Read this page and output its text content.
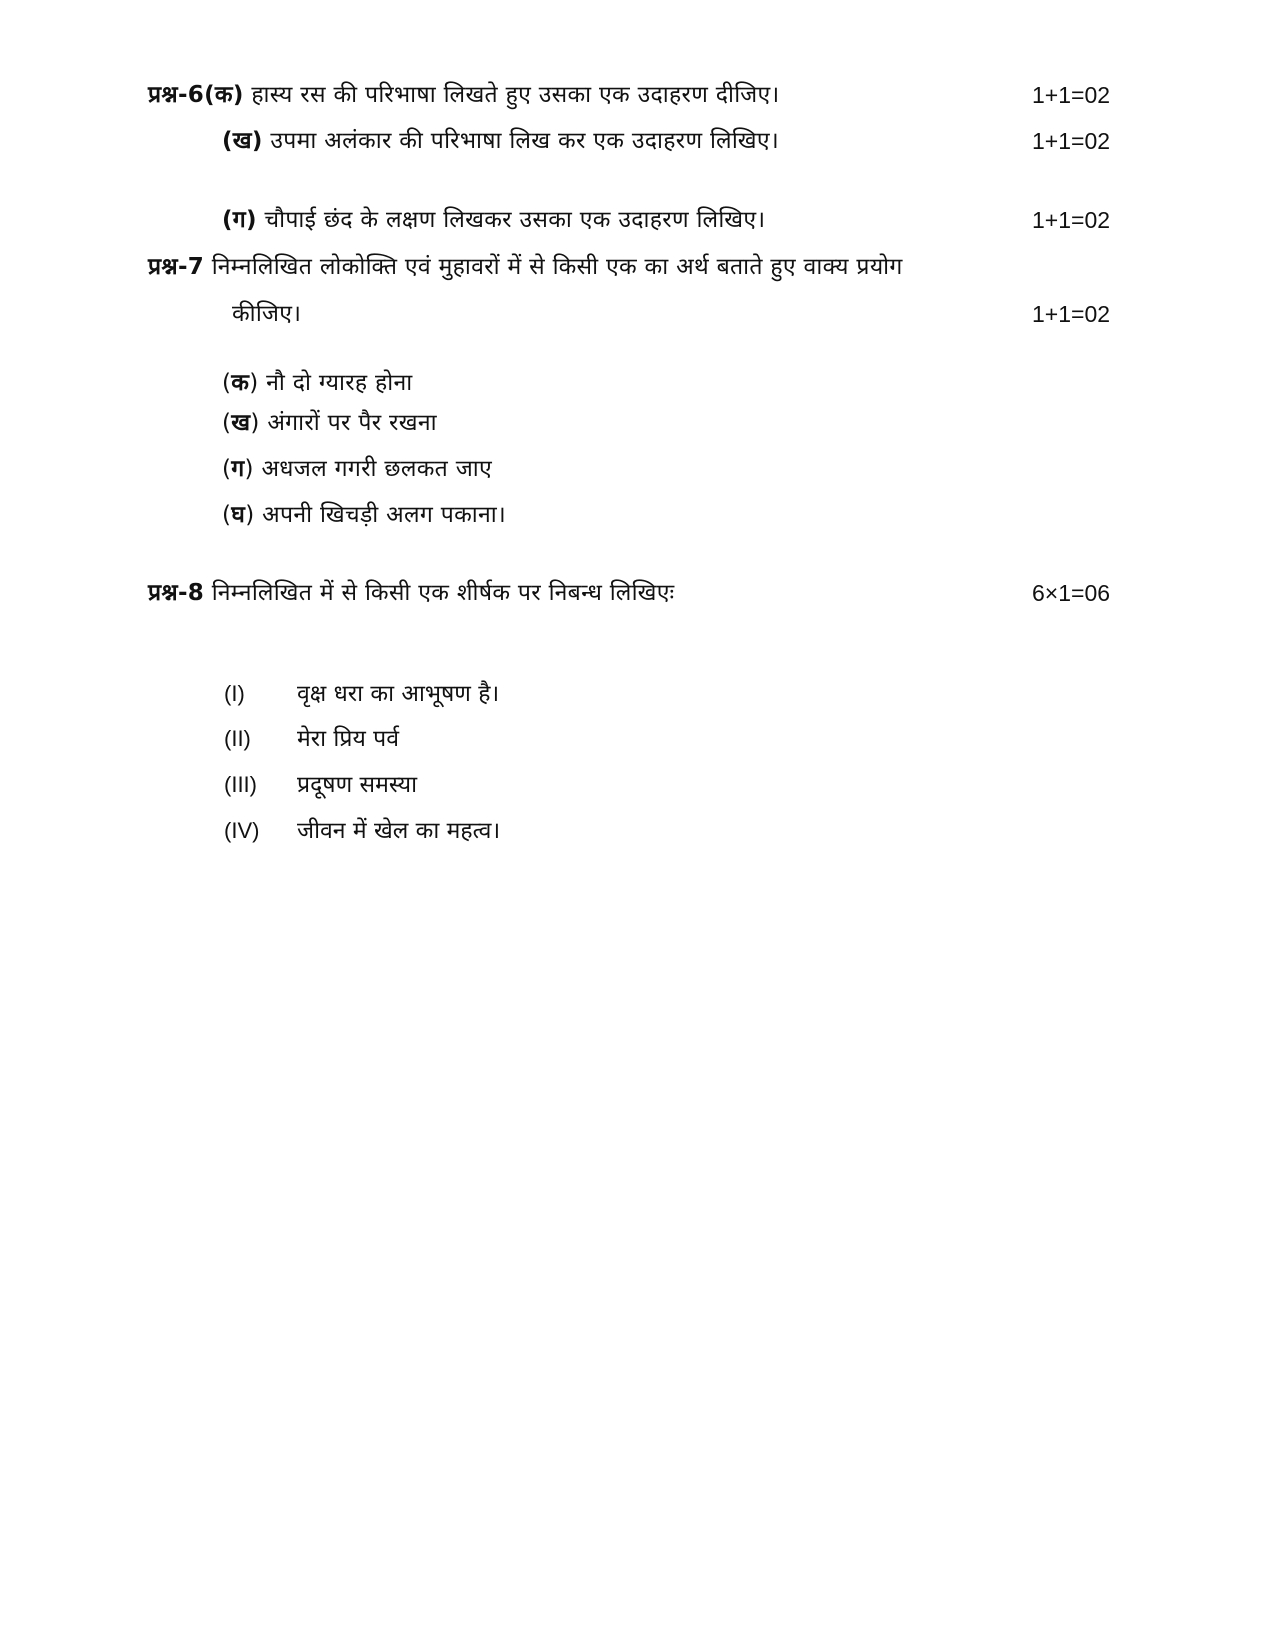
प्रश्न-6(क) हास्य रस की परिभाषा लिखते हुए उसका एक उदाहरण दीजिए।	1+1=02
(ख) उपमा अलंकार की परिभाषा लिख कर एक उदाहरण लिखिए।	1+1=02
(ग) चौपाई छंद के लक्षण लिखकर उसका एक उदाहरण लिखिए।	1+1=02
प्रश्न-7 निम्नलिखित लोकोक्ति एवं मुहावरों में से किसी एक का अर्थ बताते हुए वाक्य प्रयोग
कीजिए।	1+1=02
(क) नौ दो ग्यारह होना
(ख) अंगारों पर पैर रखना
(ग) अधजल गगरी छलकत जाए
(घ) अपनी खिचड़ी अलग पकाना।
प्रश्न-8 निम्नलिखित में से किसी एक शीर्षक पर निबन्ध लिखिएः	6×1=06
(I) वृक्ष धरा का आभूषण है।
(II) मेरा प्रिय पर्व
(III) प्रदूषण समस्या
(IV) जीवन में खेल का महत्व।
